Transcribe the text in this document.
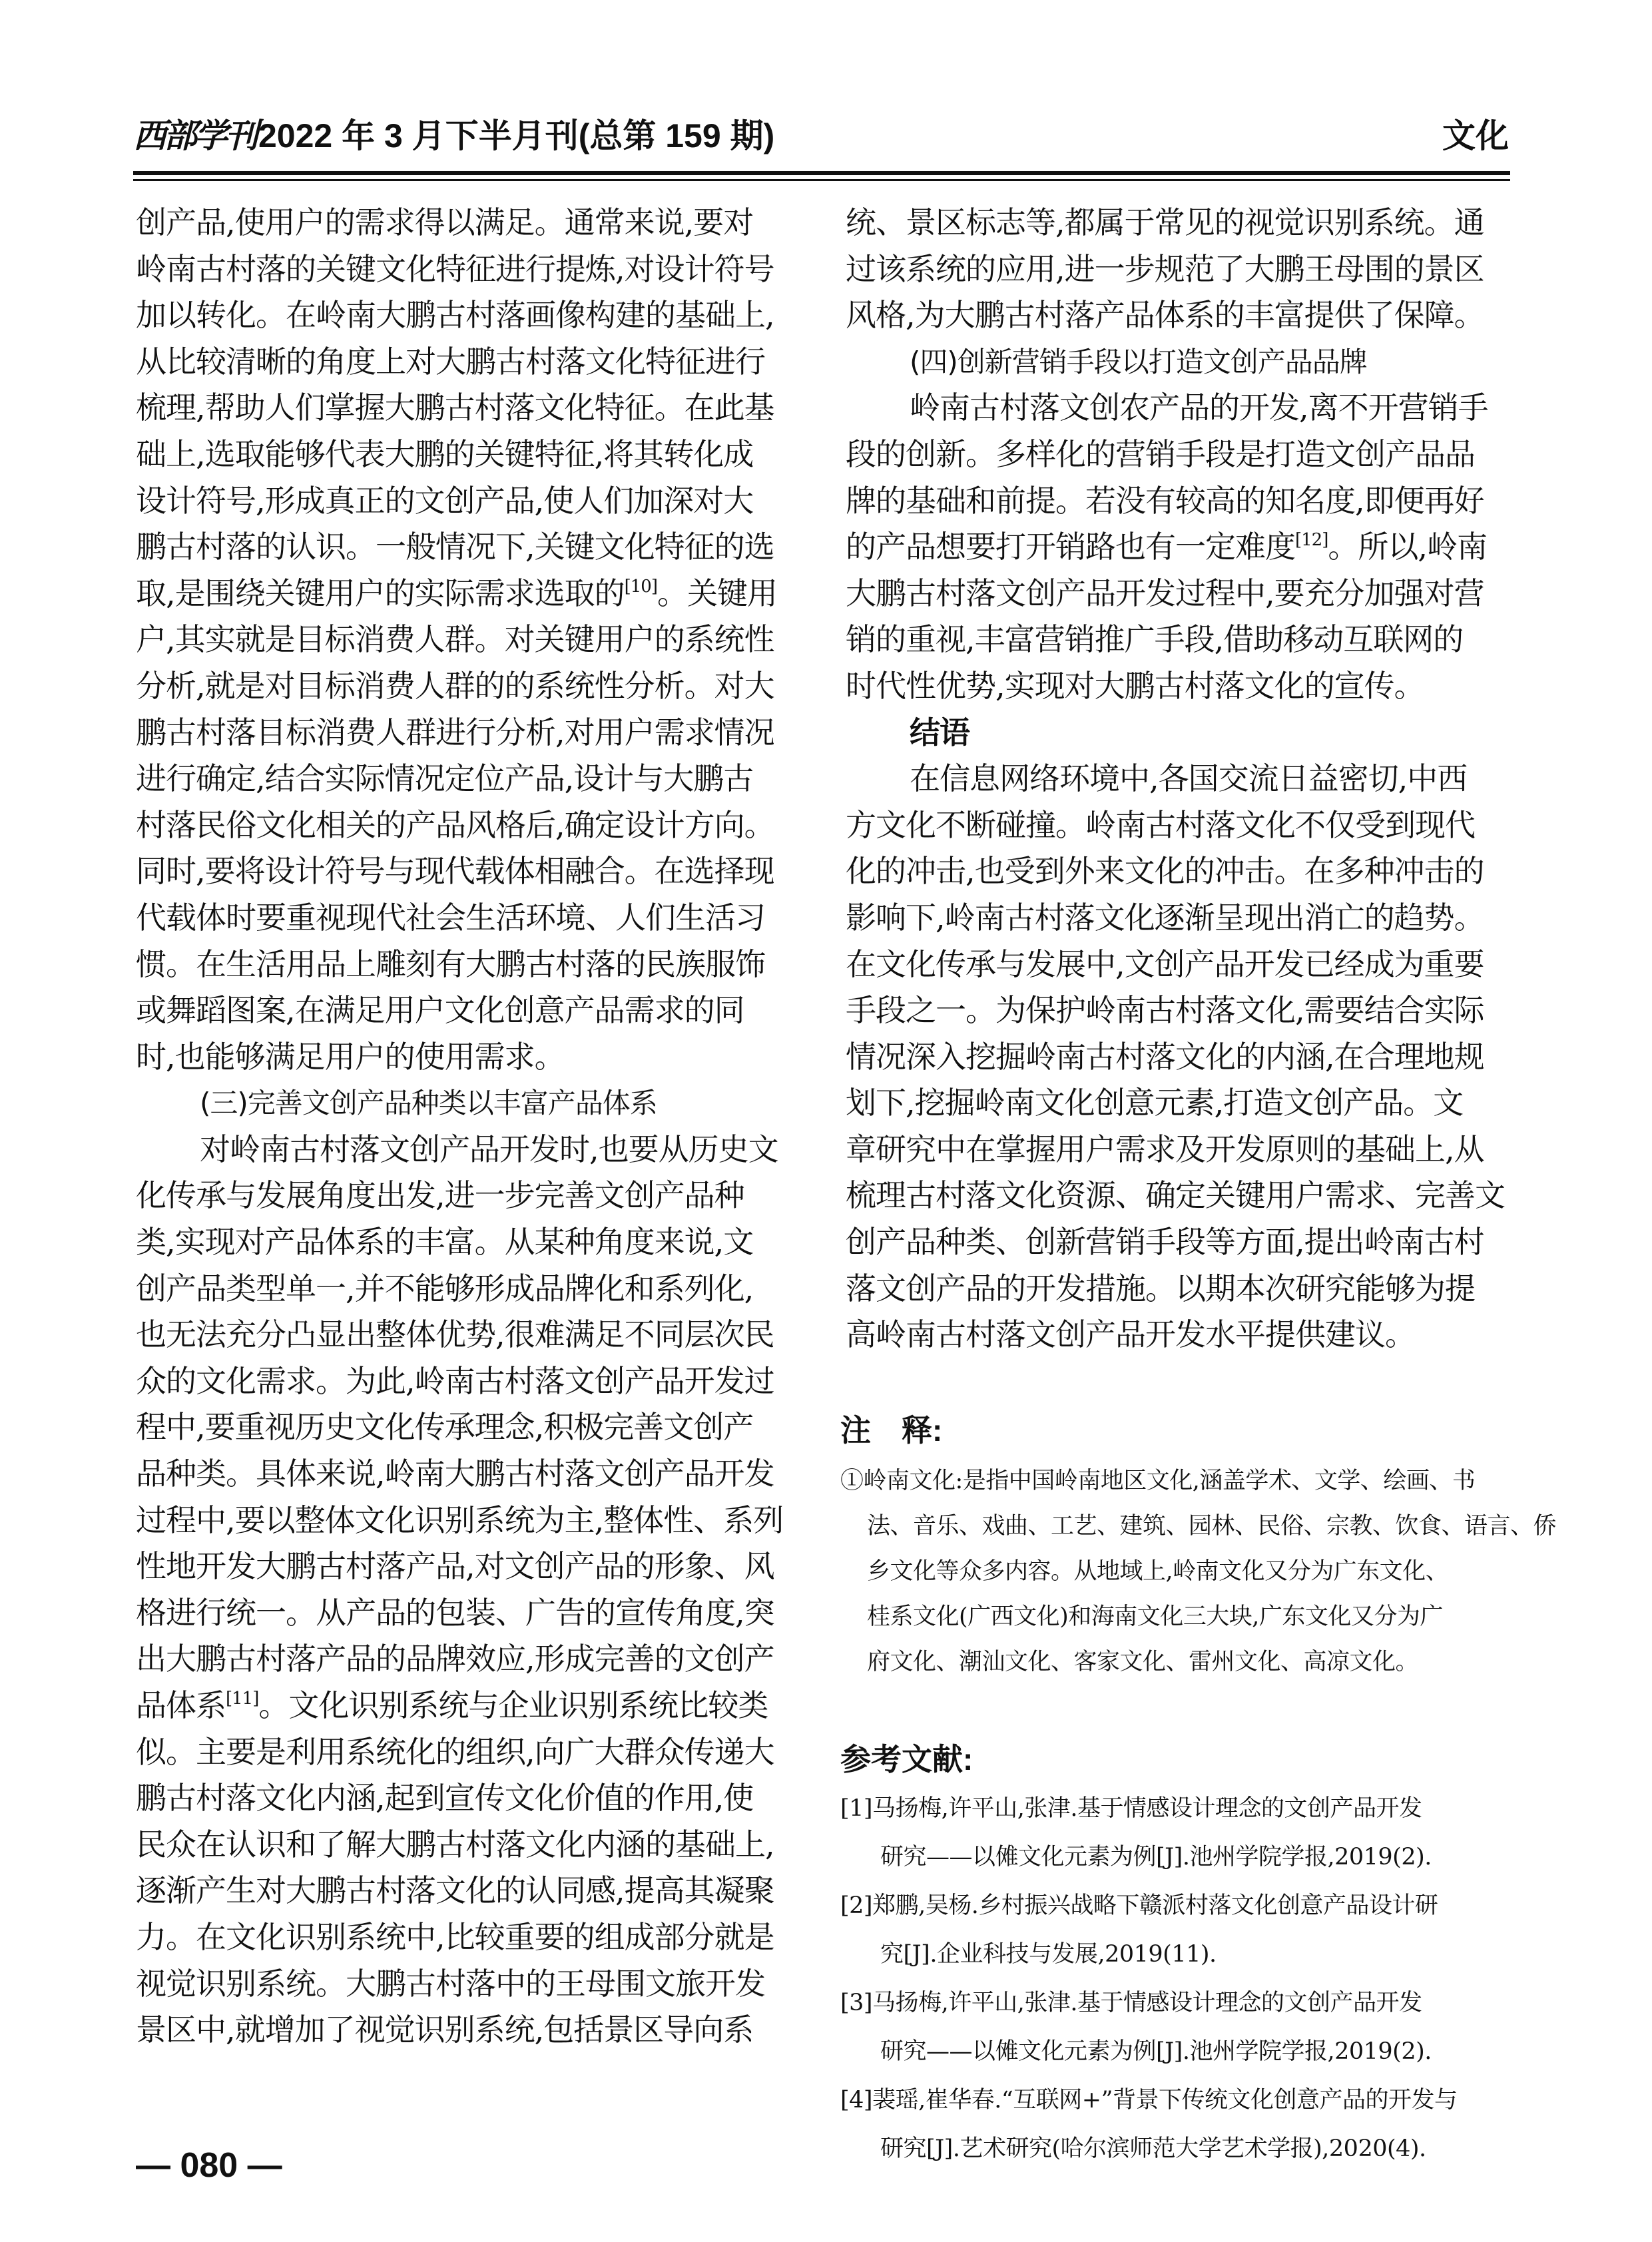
西部学刊 2022 年 3 月下半月刊(总第 159 期)	文化
创产品,使用户的需求得以满足。通常来说,要对
岭南古村落的关键文化特征进行提炼,对设计符号
加以转化。在岭南大鹏古村落画像构建的基础上,
从比较清晰的角度上对大鹏古村落文化特征进行
梳理,帮助人们掌握大鹏古村落文化特征。在此基
础上,选取能够代表大鹏的关键特征,将其转化成
设计符号,形成真正的文创产品,使人们加深对大
鹏古村落的认识。一般情况下,关键文化特征的选
取,是围绕关键用户的实际需求选取的[10]。关键用
户,其实就是目标消费人群。对关键用户的系统性
分析,就是对目标消费人群的的系统性分析。对大
鹏古村落目标消费人群进行分析,对用户需求情况
进行确定,结合实际情况定位产品,设计与大鹏古
村落民俗文化相关的产品风格后,确定设计方向。
同时,要将设计符号与现代载体相融合。在选择现
代载体时要重视现代社会生活环境、人们生活习
惯。在生活用品上雕刻有大鹏古村落的民族服饰
或舞蹈图案,在满足用户文化创意产品需求的同
时,也能够满足用户的使用需求。
(三)完善文创产品种类以丰富产品体系
对岭南古村落文创产品开发时,也要从历史文
化传承与发展角度出发,进一步完善文创产品种
类,实现对产品体系的丰富。从某种角度来说,文
创产品类型单一,并不能够形成品牌化和系列化,
也无法充分凸显出整体优势,很难满足不同层次民
众的文化需求。为此,岭南古村落文创产品开发过
程中,要重视历史文化传承理念,积极完善文创产
品种类。具体来说,岭南大鹏古村落文创产品开发
过程中,要以整体文化识别系统为主,整体性、系列
性地开发大鹏古村落产品,对文创产品的形象、风
格进行统一。从产品的包装、广告的宣传角度,突
出大鹏古村落产品的品牌效应,形成完善的文创产
品体系[11]。文化识别系统与企业识别系统比较类
似。主要是利用系统化的组织,向广大群众传递大
鹏古村落文化内涵,起到宣传文化价值的作用,使
民众在认识和了解大鹏古村落文化内涵的基础上,
逐渐产生对大鹏古村落文化的认同感,提高其凝聚
力。在文化识别系统中,比较重要的组成部分就是
视觉识别系统。大鹏古村落中的王母围文旅开发
景区中,就增加了视觉识别系统,包括景区导向系
统、景区标志等,都属于常见的视觉识别系统。通
过该系统的应用,进一步规范了大鹏王母围的景区
风格,为大鹏古村落产品体系的丰富提供了保障。
(四)创新营销手段以打造文创产品品牌
岭南古村落文创农产品的开发,离不开营销手
段的创新。多样化的营销手段是打造文创产品品
牌的基础和前提。若没有较高的知名度,即便再好
的产品想要打开销路也有一定难度[12]。所以,岭南
大鹏古村落文创产品开发过程中,要充分加强对营
销的重视,丰富营销推广手段,借助移动互联网的
时代性优势,实现对大鹏古村落文化的宣传。
结语
在信息网络环境中,各国交流日益密切,中西
方文化不断碰撞。岭南古村落文化不仅受到现代
化的冲击,也受到外来文化的冲击。在多种冲击的
影响下,岭南古村落文化逐渐呈现出消亡的趋势。
在文化传承与发展中,文创产品开发已经成为重要
手段之一。为保护岭南古村落文化,需要结合实际
情况深入挖掘岭南古村落文化的内涵,在合理地规
划下,挖掘岭南文化创意元素,打造文创产品。文
章研究中在掌握用户需求及开发原则的基础上,从
梳理古村落文化资源、确定关键用户需求、完善文
创产品种类、创新营销手段等方面,提出岭南古村
落文创产品的开发措施。以期本次研究能够为提
高岭南古村落文创产品开发水平提供建议。
注　释:
①岭南文化:是指中国岭南地区文化,涵盖学术、文学、绘画、书
法、音乐、戏曲、工艺、建筑、园林、民俗、宗教、饮食、语言、侨
乡文化等众多内容。从地域上,岭南文化又分为广东文化、
桂系文化(广西文化)和海南文化三大块,广东文化又分为广
府文化、潮汕文化、客家文化、雷州文化、高凉文化。
参考文献:
[1]马扬梅,许平山,张津.基于情感设计理念的文创产品开发
研究——以傩文化元素为例[J].池州学院学报,2019(2).
[2]郑鹏,吴杨.乡村振兴战略下赣派村落文化创意产品设计研
究[J].企业科技与发展,2019(11).
[3]马扬梅,许平山,张津.基于情感设计理念的文创产品开发
研究——以傩文化元素为例[J].池州学院学报,2019(2).
[4]裴瑶,崔华春.“互联网+”背景下传统文化创意产品的开发与
研究[J].艺术研究(哈尔滨师范大学艺术学报),2020(4).
— 080 —
